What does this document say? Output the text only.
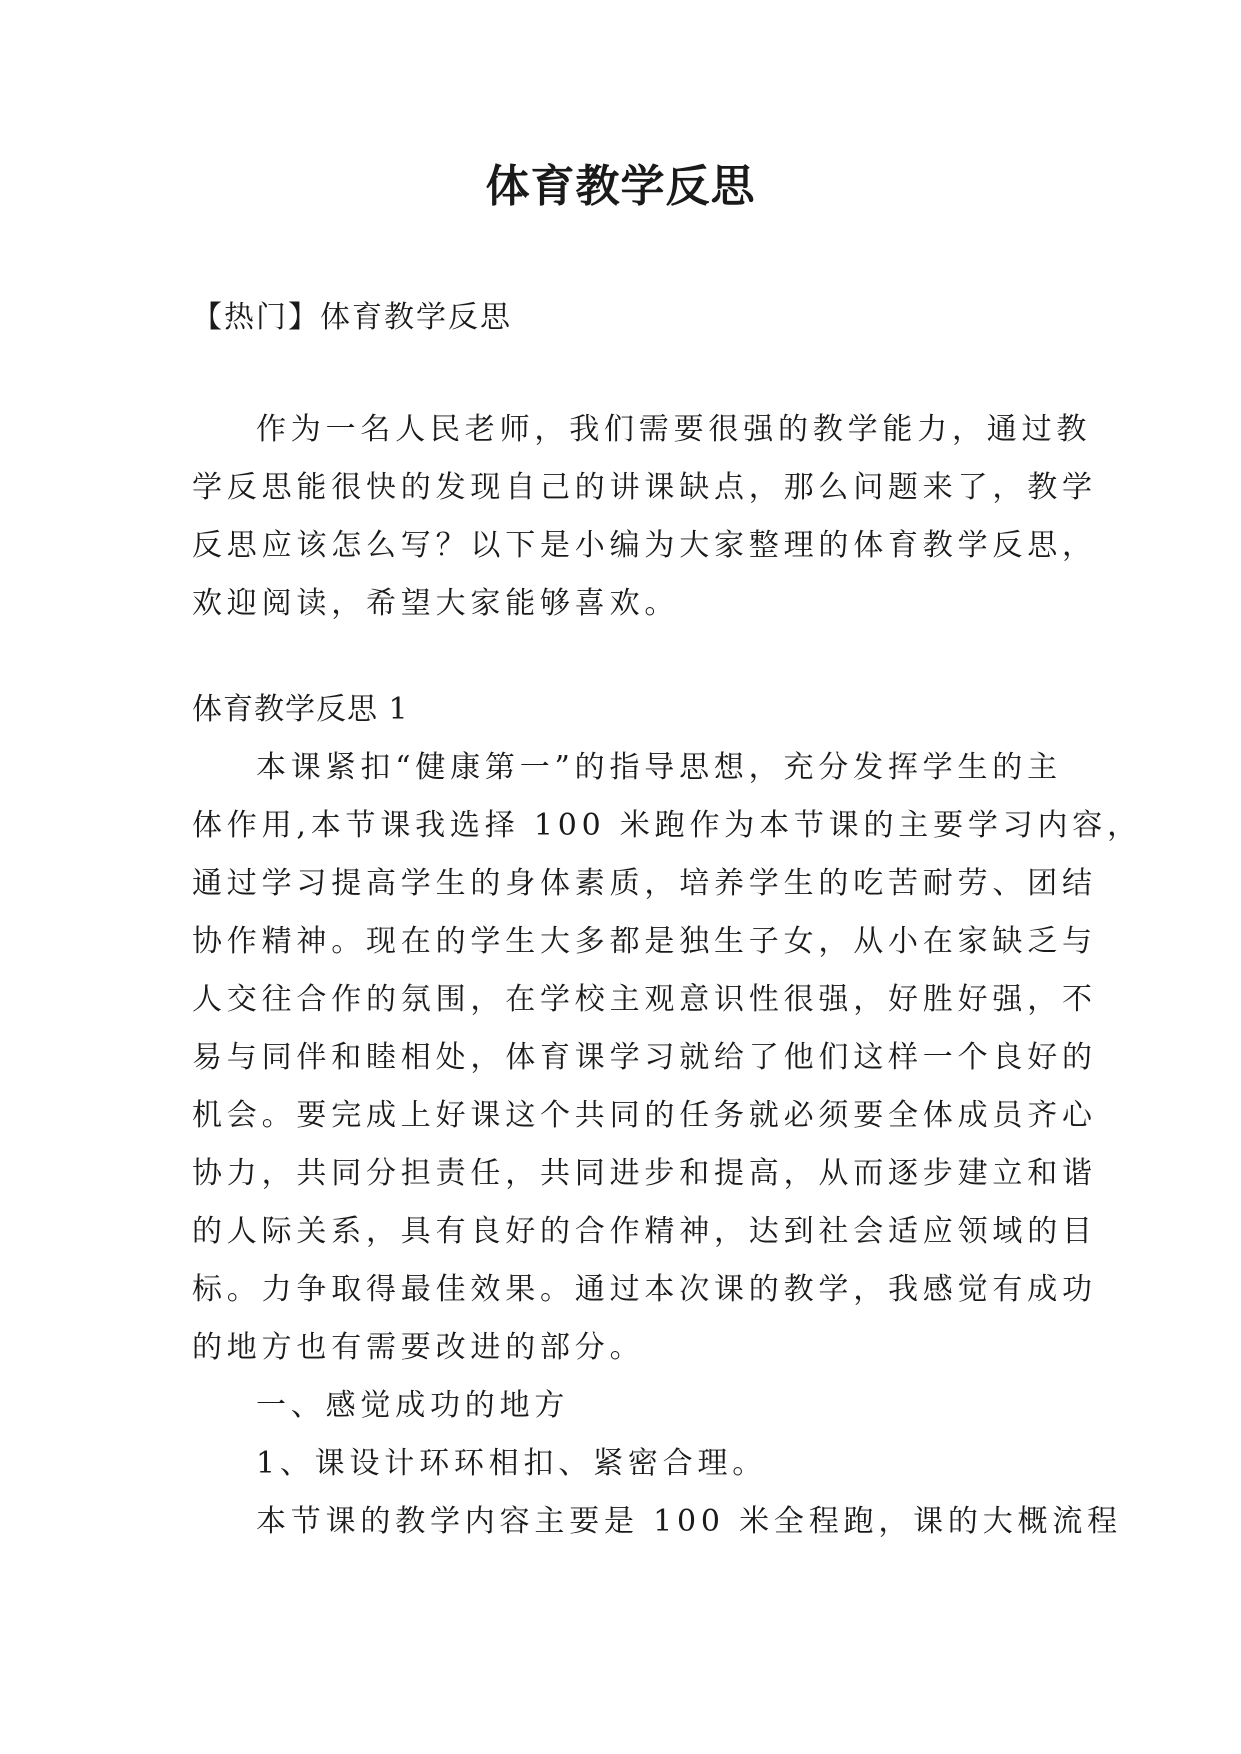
体育教学反思

【热门】体育教学反思

作为一名人民老师，我们需要很强的教学能力，通过教
学反思能很快的发现自己的讲课缺点，那么问题来了，教学
反思应该怎么写？以下是小编为大家整理的体育教学反思，
欢迎阅读，希望大家能够喜欢。
体育教学反思 1
本课紧扣“健康第一”的指导思想，充分发挥学生的主
体作用,本节课我选择 100 米跑作为本节课的主要学习内容，
通过学习提高学生的身体素质，培养学生的吃苦耐劳、团结
协作精神。现在的学生大多都是独生子女，从小在家缺乏与
人交往合作的氛围，在学校主观意识性很强，好胜好强，不
易与同伴和睦相处，体育课学习就给了他们这样一个良好的
机会。要完成上好课这个共同的任务就必须要全体成员齐心
协力，共同分担责任，共同进步和提高，从而逐步建立和谐
的人际关系，具有良好的合作精神，达到社会适应领域的目
标。力争取得最佳效果。通过本次课的教学，我感觉有成功
的地方也有需要改进的部分。
一、感觉成功的地方
1、课设计环环相扣、紧密合理。
本节课的教学内容主要是 100 米全程跑，课的大概流程
